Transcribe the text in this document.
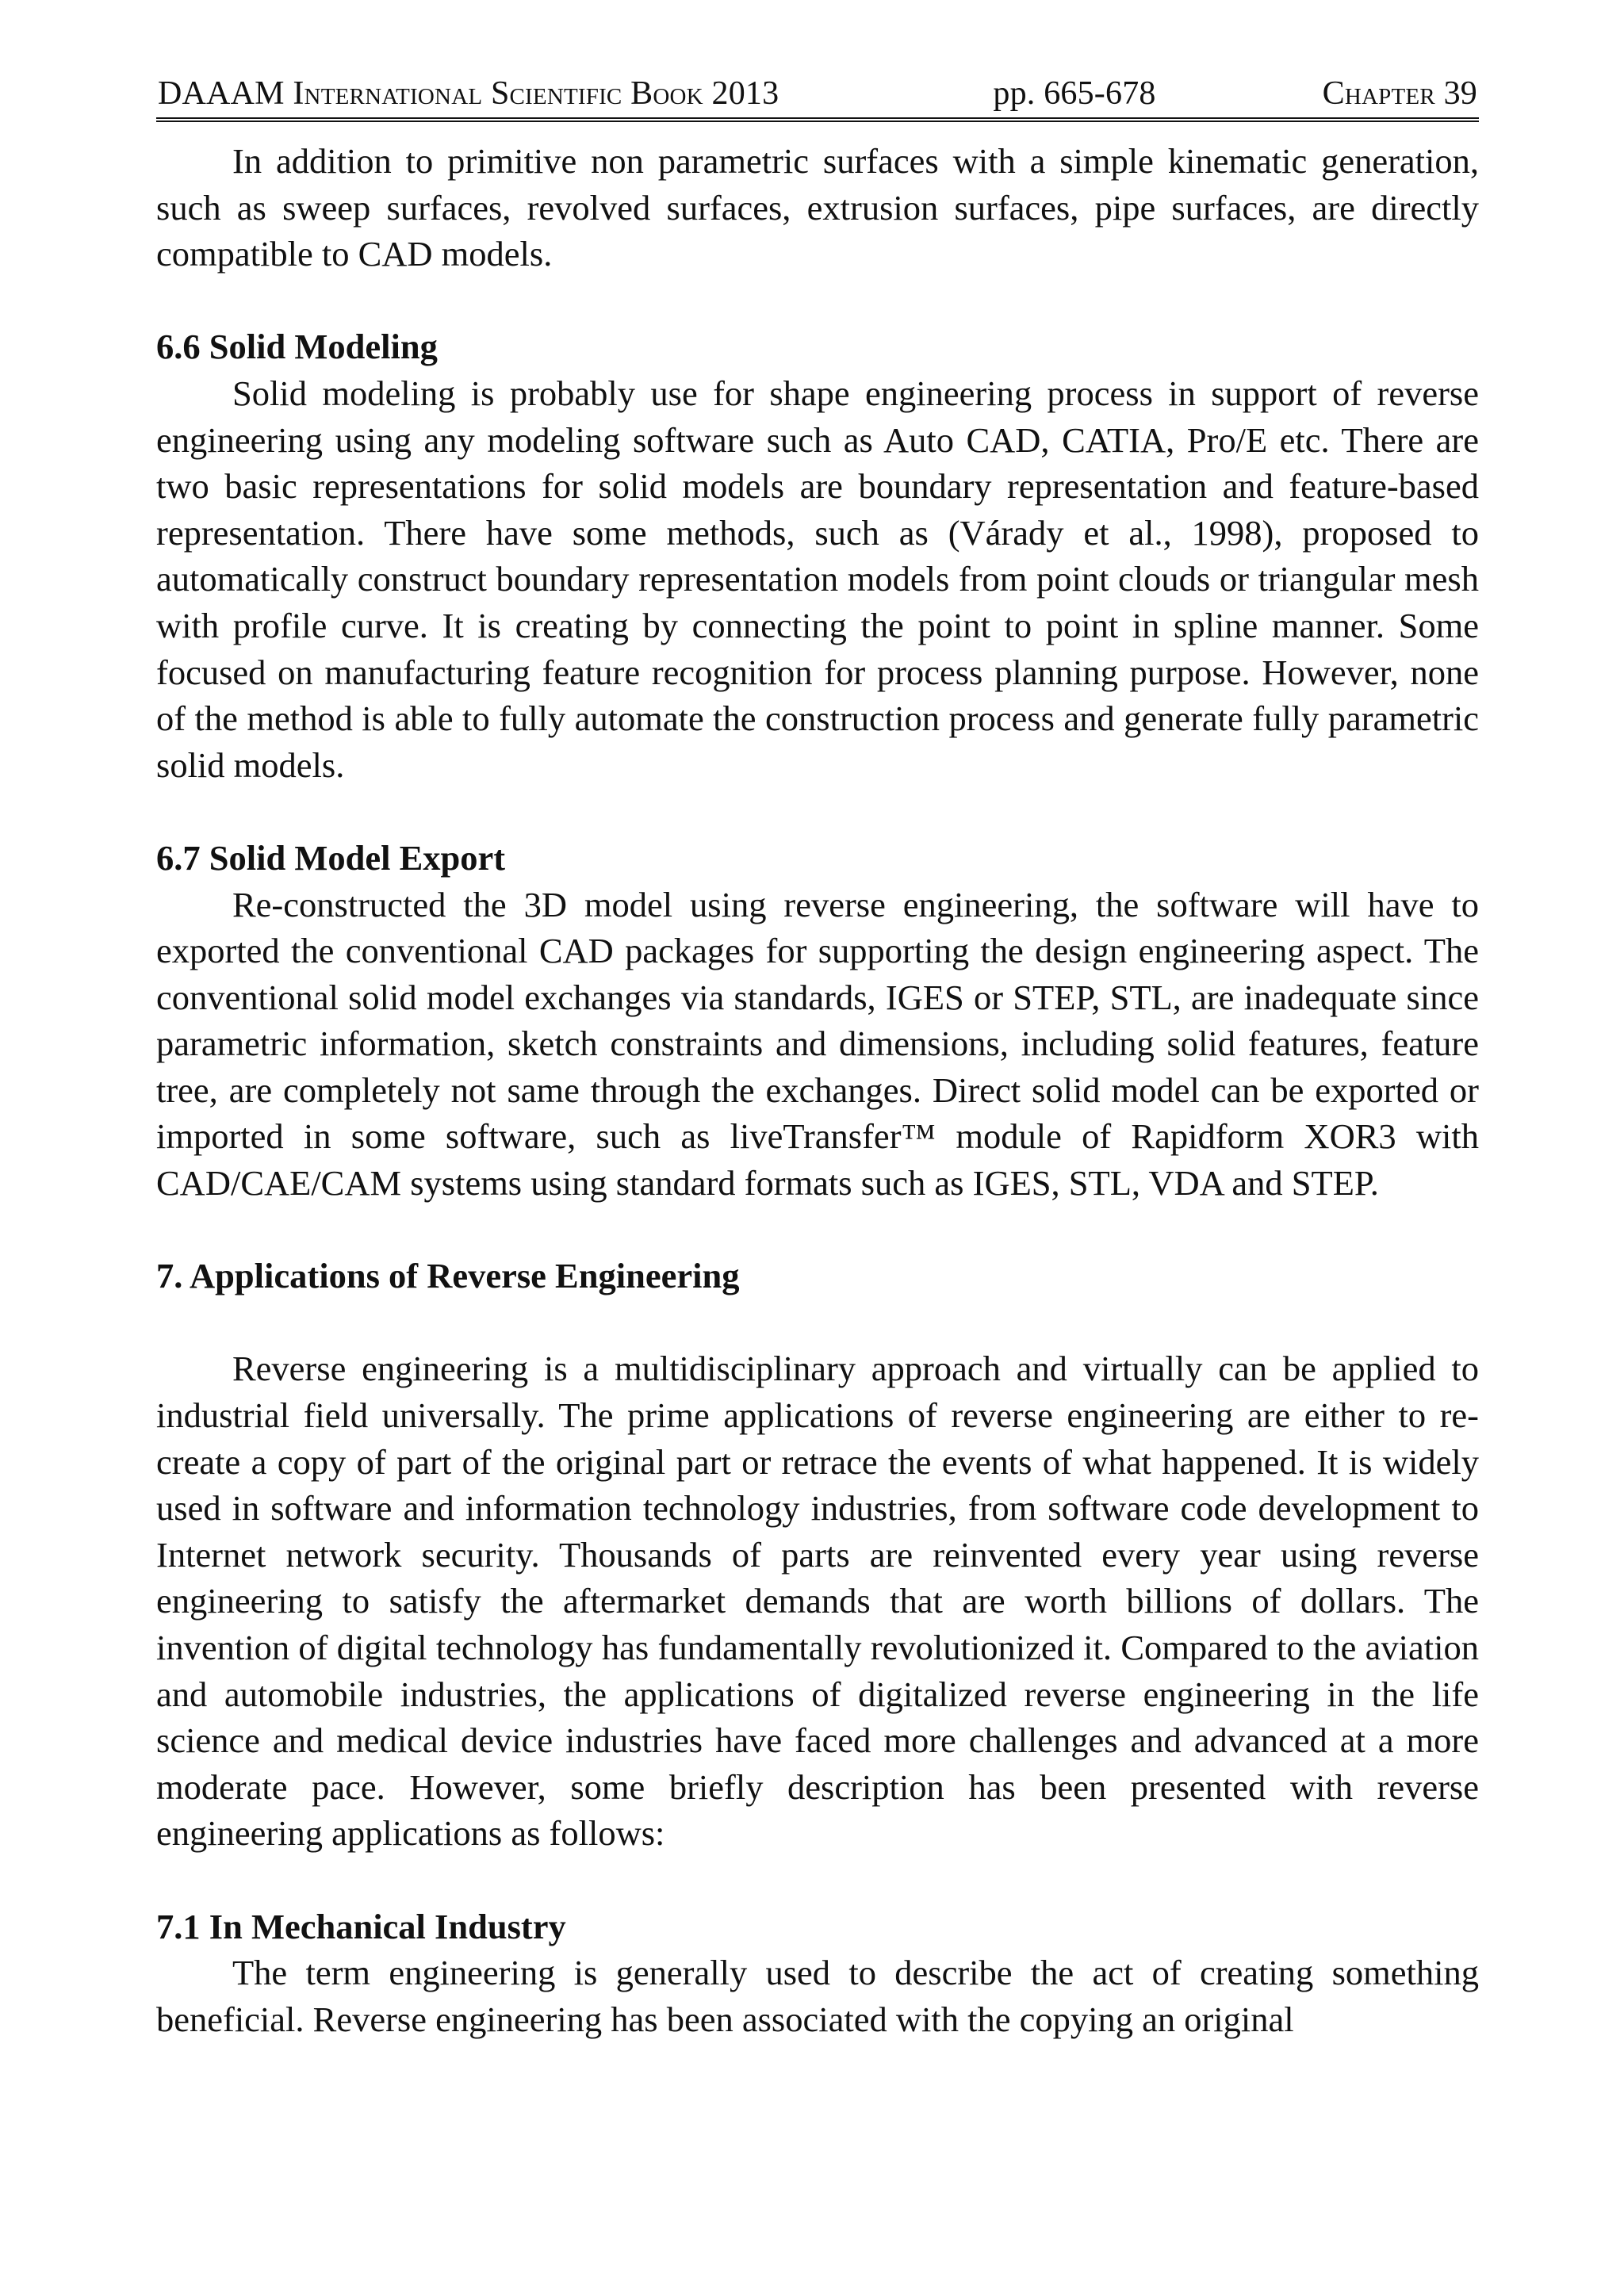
DAAAM International Scientific Book 2013	pp. 665-678	Chapter 39

In addition to primitive non parametric surfaces with a simple kinematic generation, such as sweep surfaces, revolved surfaces, extrusion surfaces, pipe surfaces, are directly compatible to CAD models.

6.6 Solid Modeling

Solid modeling is probably use for shape engineering process in support of reverse engineering using any modeling software such as Auto CAD, CATIA, Pro/E etc. There are two basic representations for solid models are boundary representation and feature-based representation. There have some methods, such as (Várady et al., 1998), proposed to automatically construct boundary representation models from point clouds or triangular mesh with profile curve. It is creating by connecting the point to point in spline manner. Some focused on manufacturing feature recognition for process planning purpose. However, none of the method is able to fully automate the construction process and generate fully parametric solid models.

6.7 Solid Model Export

Re-constructed the 3D model using reverse engineering, the software will have to exported the conventional CAD packages for supporting the design engineering aspect. The conventional solid model exchanges via standards, IGES or STEP, STL, are inadequate since parametric information, sketch constraints and dimensions, including solid features, feature tree, are completely not same through the exchanges. Direct solid model can be exported or imported in some software, such as liveTransfer™ module of Rapidform XOR3 with CAD/CAE/CAM systems using standard formats such as IGES, STL, VDA and STEP.

7. Applications of Reverse Engineering

Reverse engineering is a multidisciplinary approach and virtually can be applied to industrial field universally. The prime applications of reverse engineering are either to re-create a copy of part of the original part or retrace the events of what happened. It is widely used in software and information technology industries, from software code development to Internet network security. Thousands of parts are reinvented every year using reverse engineering to satisfy the aftermarket demands that are worth billions of dollars. The invention of digital technology has fundamentally revolutionized it. Compared to the aviation and automobile industries, the applications of digitalized reverse engineering in the life science and medical device industries have faced more challenges and advanced at a more moderate pace. However, some briefly description has been presented with reverse engineering applications as follows:

7.1 In Mechanical Industry

The term engineering is generally used to describe the act of creating something beneficial. Reverse engineering has been associated with the copying an original
